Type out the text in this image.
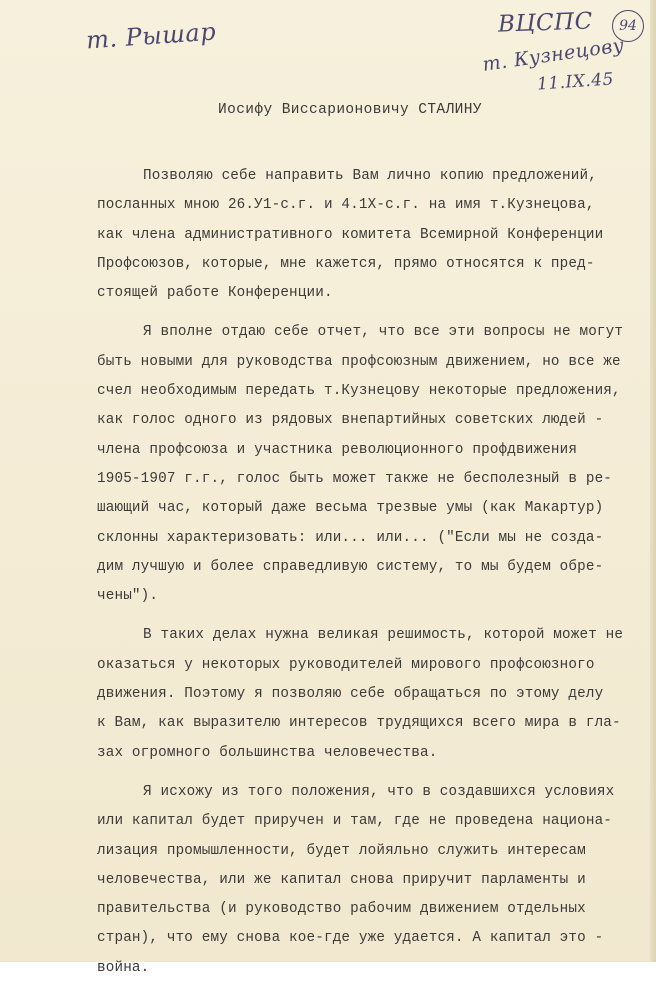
т. Рышар	ВЦСПС
т. Кузнецову
11.IX.45
94
Иосифу Виссарионовичу СТАЛИНУ
Позволяю себе направить Вам лично копию предложений,
посланных мною 26.У1-с.г. и 4.1Х-с.г. на имя т.Кузнецова,
как члена административного комитета Всемирной Конференции
Профсоюзов, которые, мне кажется, прямо относятся к пред-
стоящей работе Конференции.
Я вполне отдаю себе отчет, что все эти вопросы не могут
быть новыми для руководства профсоюзным движением, но все же
счел необходимым передать т.Кузнецову некоторые предложения,
как голос одного из рядовых внепартийных советских людей -
члена профсоюза и участника революционного профдвижения
1905-1907 г.г., голос быть может также не бесполезный в ре-
шающий час, который даже весьма трезвые умы (как Макартур)
склонны характеризовать: или... или... ("Если мы не созда-
дим лучшую и более справедливую систему, то мы будем обре-
чены").
В таких делах нужна великая решимость, которой может не
оказаться у некоторых руководителей мирового профсоюзного
движения. Поэтому я позволяю себе обращаться по этому делу
к Вам, как выразителю интересов трудящихся всего мира в гла-
зах огромного большинства человечества.
Я исхожу из того положения, что в создавшихся условиях
или капитал будет приручен и там, где не проведена национа-
лизация промышленности, будет лойяльно служить интересам
человечества, или же капитал снова приручит парламенты и
правительства (и руководство рабочим движением отдельных
стран), что ему снова кое-где уже удается. А капитал это -
война.
